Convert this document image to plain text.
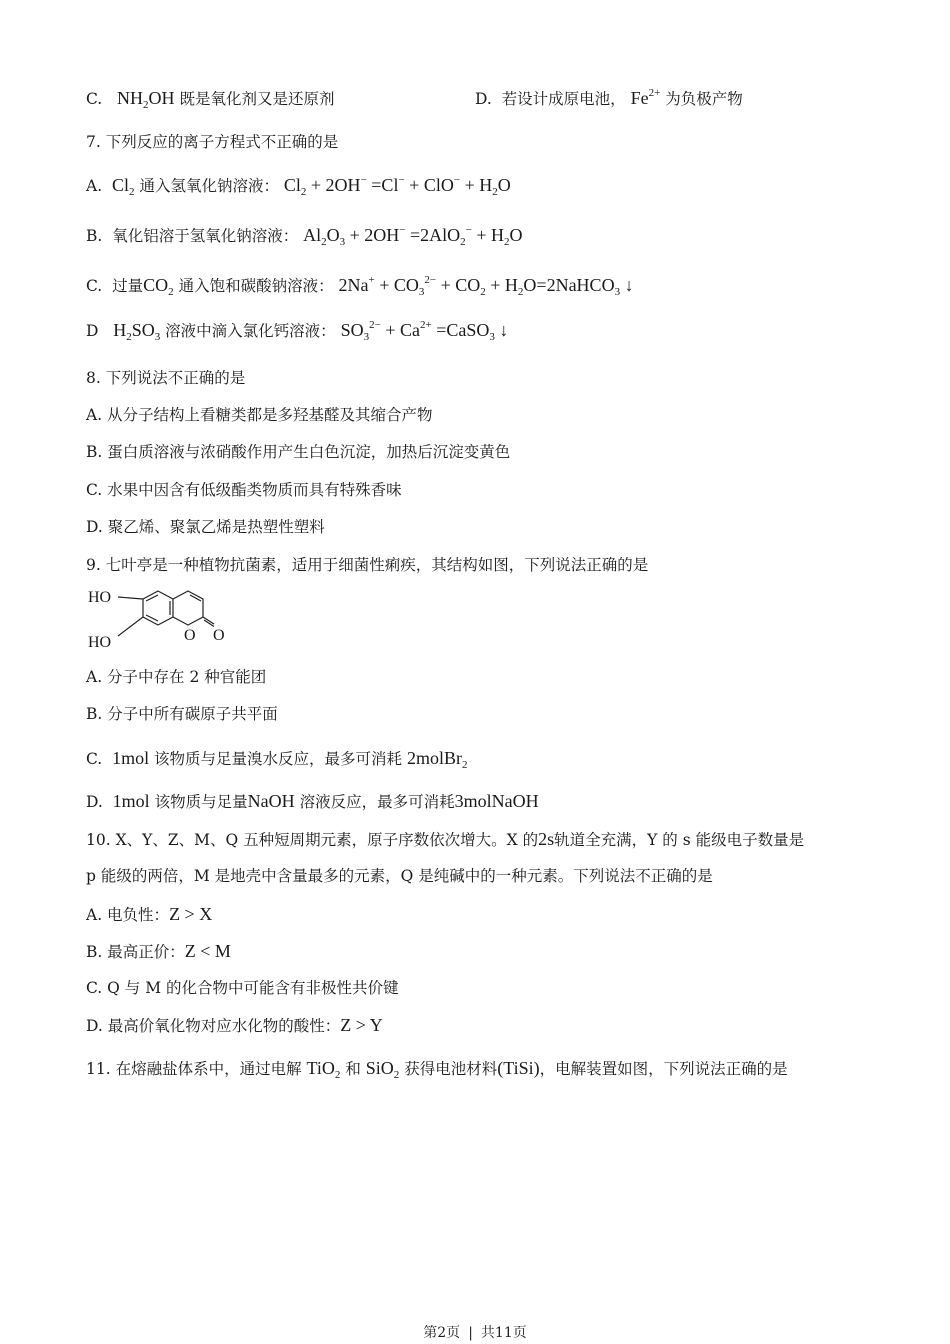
C. $NH_2OH$ 既是氧化剂又是还原剂	D. 若设计成原电池， $Fe^{2+}$ 为负极产物
7. 下列反应的离子方程式不正确的是
A. $Cl_2$ 通入氢氧化钠溶液： $Cl_2 + 2OH^- =Cl^- + ClO^- + H_2O$
B. 氧化铝溶于氢氧化钠溶液： $Al_2O_3 + 2OH^- =2AlO_2^- + H_2O$
C. 过量$CO_2$ 通入饱和碳酸钠溶液： $2Na^+ + CO_3^{2-} + CO_2$ + $H_2O=2NaHCO_3$ ↓
D $H_2SO_3$ 溶液中滴入氯化钙溶液： $SO_3^{2-} + Ca^{2+}$ =CaSO$_3$ ↓
8. 下列说法不正确的是
A. 从分子结构上看糖类都是多羟基醛及其缩合产物
B. 蛋白质溶液与浓硝酸作用产生白色沉淀，加热后沉淀变黄色
C. 水果中因含有低级酯类物质而具有特殊香味
D. 聚乙烯、聚氯乙烯是热塑性塑料
9. 七叶亭是一种植物抗菌素，适用于细菌性痢疾，其结构如图，下列说法正确的是
HO
HO	O O
A. 分子中存在 2 种官能团
B. 分子中所有碳原子共平面
C. 1mol 该物质与足量溴水反应，最多可消耗 2molBr$_2$
D. 1mol 该物质与足量NaOH 溶液反应，最多可消耗3molNaOH
10. X、Y、Z、M、Q 五种短周期元素，原子序数依次增大。X 的2s轨道全充满，Y 的 s 能级电子数量是
p 能级的两倍，M 是地壳中含量最多的元素，Q 是纯碱中的一种元素。下列说法不正确的是
A. 电负性：Z > X
B. 最高正价：Z < M
C. Q 与 M 的化合物中可能含有非极性共价键
D. 最高价氧化物对应水化物的酸性：Z > Y
11. 在熔融盐体系中，通过电解 TiO$_2$ 和 SiO$_2$ 获得电池材料(TiSi)，电解装置如图，下列说法正确的是
第2页 | 共11页
